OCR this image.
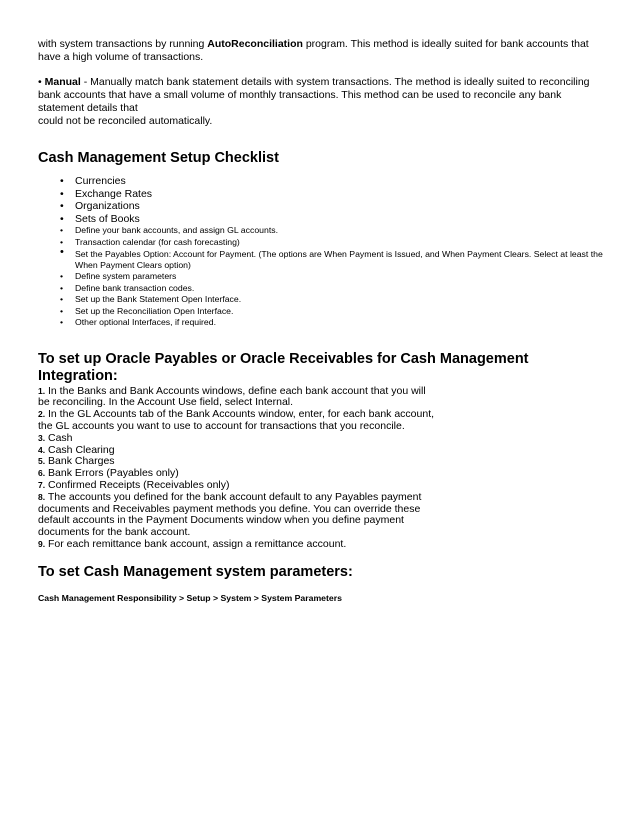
with system transactions by running AutoReconciliation program. This method is ideally suited for bank accounts that have a high volume of transactions.

• Manual - Manually match bank statement details with system transactions. The method is ideally suited to reconciling bank accounts that have a small volume of monthly transactions. This method can be used to reconcile any bank statement details that
could not be reconciled automatically.

Cash Management Setup Checklist
• Currencies
• Exchange Rates
• Organizations
• Sets of Books
• Define your bank accounts, and assign GL accounts.
• Transaction calendar (for cash forecasting)
• Set the Payables Option: Account for Payment. (The options are When Payment is Issued, and When Payment Clears. Select at least the When Payment Clears option)
• Define system parameters
• Define bank transaction codes.
• Set up the Bank Statement Open Interface.
• Set up the Reconciliation Open Interface.
• Other optional Interfaces, if required.
To set up Oracle Payables or Oracle Receivables for Cash Management Integration:

1. In the Banks and Bank Accounts windows, define each bank account that you will

be reconciling. In the Account Use field, select Internal.

2. In the GL Accounts tab of the Bank Accounts window, enter, for each bank account,

the GL accounts you want to use to account for transactions that you reconcile.

3. Cash

4. Cash Clearing

5. Bank Charges

6. Bank Errors (Payables only)

7. Confirmed Receipts (Receivables only)

8. The accounts you defined for the bank account default to any Payables payment

documents and Receivables payment methods you define. You can override these

default accounts in the Payment Documents window when you define payment

documents for the bank account.

9. For each remittance bank account, assign a remittance account.

To set Cash Management system parameters:

Cash Management Responsibility > Setup > System > System Parameters
